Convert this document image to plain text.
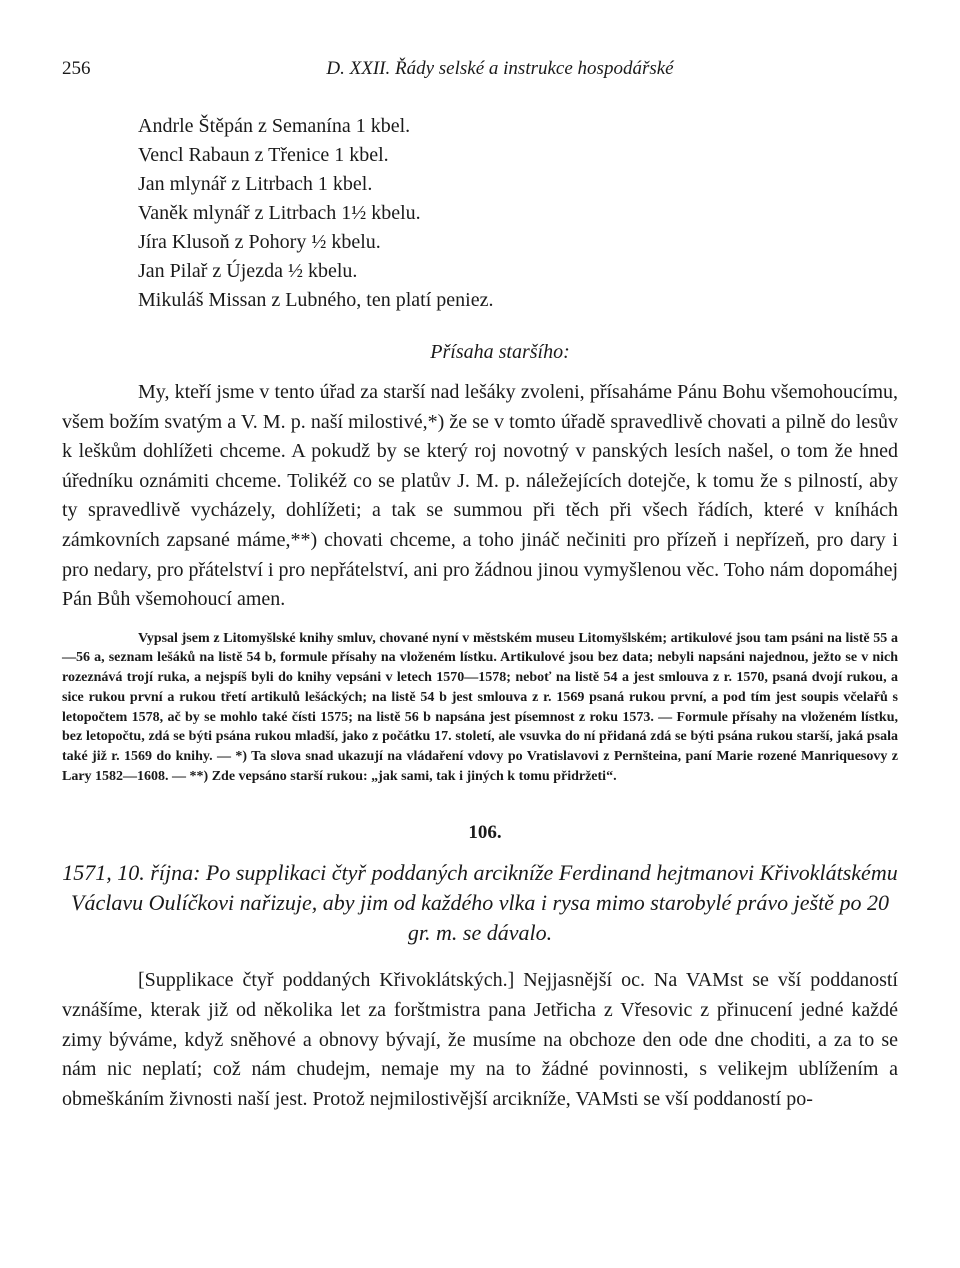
256	D. XXII. Řády selské a instrukce hospodářské
Andrle Štěpán z Semanína 1 kbel.
Vencl Rabaun z Třenice 1 kbel.
Jan mlynář z Litrbach 1 kbel.
Vaněk mlynář z Litrbach 1½ kbelu.
Jíra Klusoň z Pohory ½ kbelu.
Jan Pilař z Újezda ½ kbelu.
Mikuláš Missan z Lubného, ten platí peniez.
Přísaha staršího:

My, kteří jsme v tento úřad za starší nad lešáky zvoleni, přísaháme Pánu Bohu všemohoucímu, všem božím svatým a V. M. p. naší milostivé,*) že se v tomto úřadě spravedlivě chovati a pilně do lesův k leškům dohlížeti chceme. A pokudž by se který roj novotný v panských lesích našel, o tom že hned úředníku oznámiti chceme. Tolikéž co se platův J. M. p. náležejících dotejče, k tomu že s pilností, aby ty spravedlivě vycházely, dohlížeti; a tak se summou při těch při všech řádích, které v kníhách zámkovních zapsané máme,**) chovati chceme, a toho jináč nečiniti pro přízeň i nepřízeň, pro dary i pro nedary, pro přátelství i pro nepřátelství, ani pro žádnou jinou vymyšlenou věc. Toho nám dopomáhej Pán Bůh všemohoucí amen.

Vypsal jsem z Litomyšlské knihy smluv, chované nyní v městském museu Litomyšlském; artikulové jsou tam psáni na listě 55 a—56 a, seznam lešáků na listě 54 b, formule přísahy na vloženém lístku. Artikulové jsou bez data; nebyli napsáni najednou, ježto se v nich rozeznává trojí ruka, a nejspíš byli do knihy vepsáni v letech 1570—1578; neboť na listě 54 a jest smlouva z r. 1570, psaná dvojí rukou, a sice rukou první a rukou třetí artikulů lešáckých; na listě 54 b jest smlouva z r. 1569 psaná rukou první, a pod tím jest soupis včelařů s letopočtem 1578, ač by se mohlo také čísti 1575; na listě 56 b napsána jest písemnost z roku 1573. — Formule přísahy na vloženém lístku, bez letopočtu, zdá se býti psána rukou mladší, jako z počátku 17. století, ale vsuvka do ní přidaná zdá se býti psána rukou starší, jaká psala také již r. 1569 do knihy. — *) Ta slova snad ukazují na vládaření vdovy po Vratislavovi z Pernšteina, paní Marie rozené Manriquesovy z Lary 1582—1608. — **) Zde vepsáno starší rukou: „jak sami, tak i jiných k tomu přidržeti“.

106.
1571, 10. října: Po supplikaci čtyř poddaných arciknížе Ferdinand hejtmanovi Křivoklátskému Václavu Oulíčkovi nařizuje, aby jim od každého vlka i rysa mimo starobylé právo ještě po 20 gr. m. se dávalo.

[Supplikace čtyř poddaných Křivoklátských.] Nejjasnější oc. Na VAMst se vší poddaností vznášíme, kterak již od několika let za forštmistra pana Jetřicha z Vřesovic z přinucení jedné každé zimy býváme, když sněhové a obnovy bývají, že musíme na obchoze den ode dne choditi, a za to se nám nic neplatí; což nám chudejm, nemaje my na to žádné povinnosti, s velikejm ublížením a obmeškáním živnosti naší jest. Protož nejmilostivější arcikníže, VAMsti se vší poddaností po-
